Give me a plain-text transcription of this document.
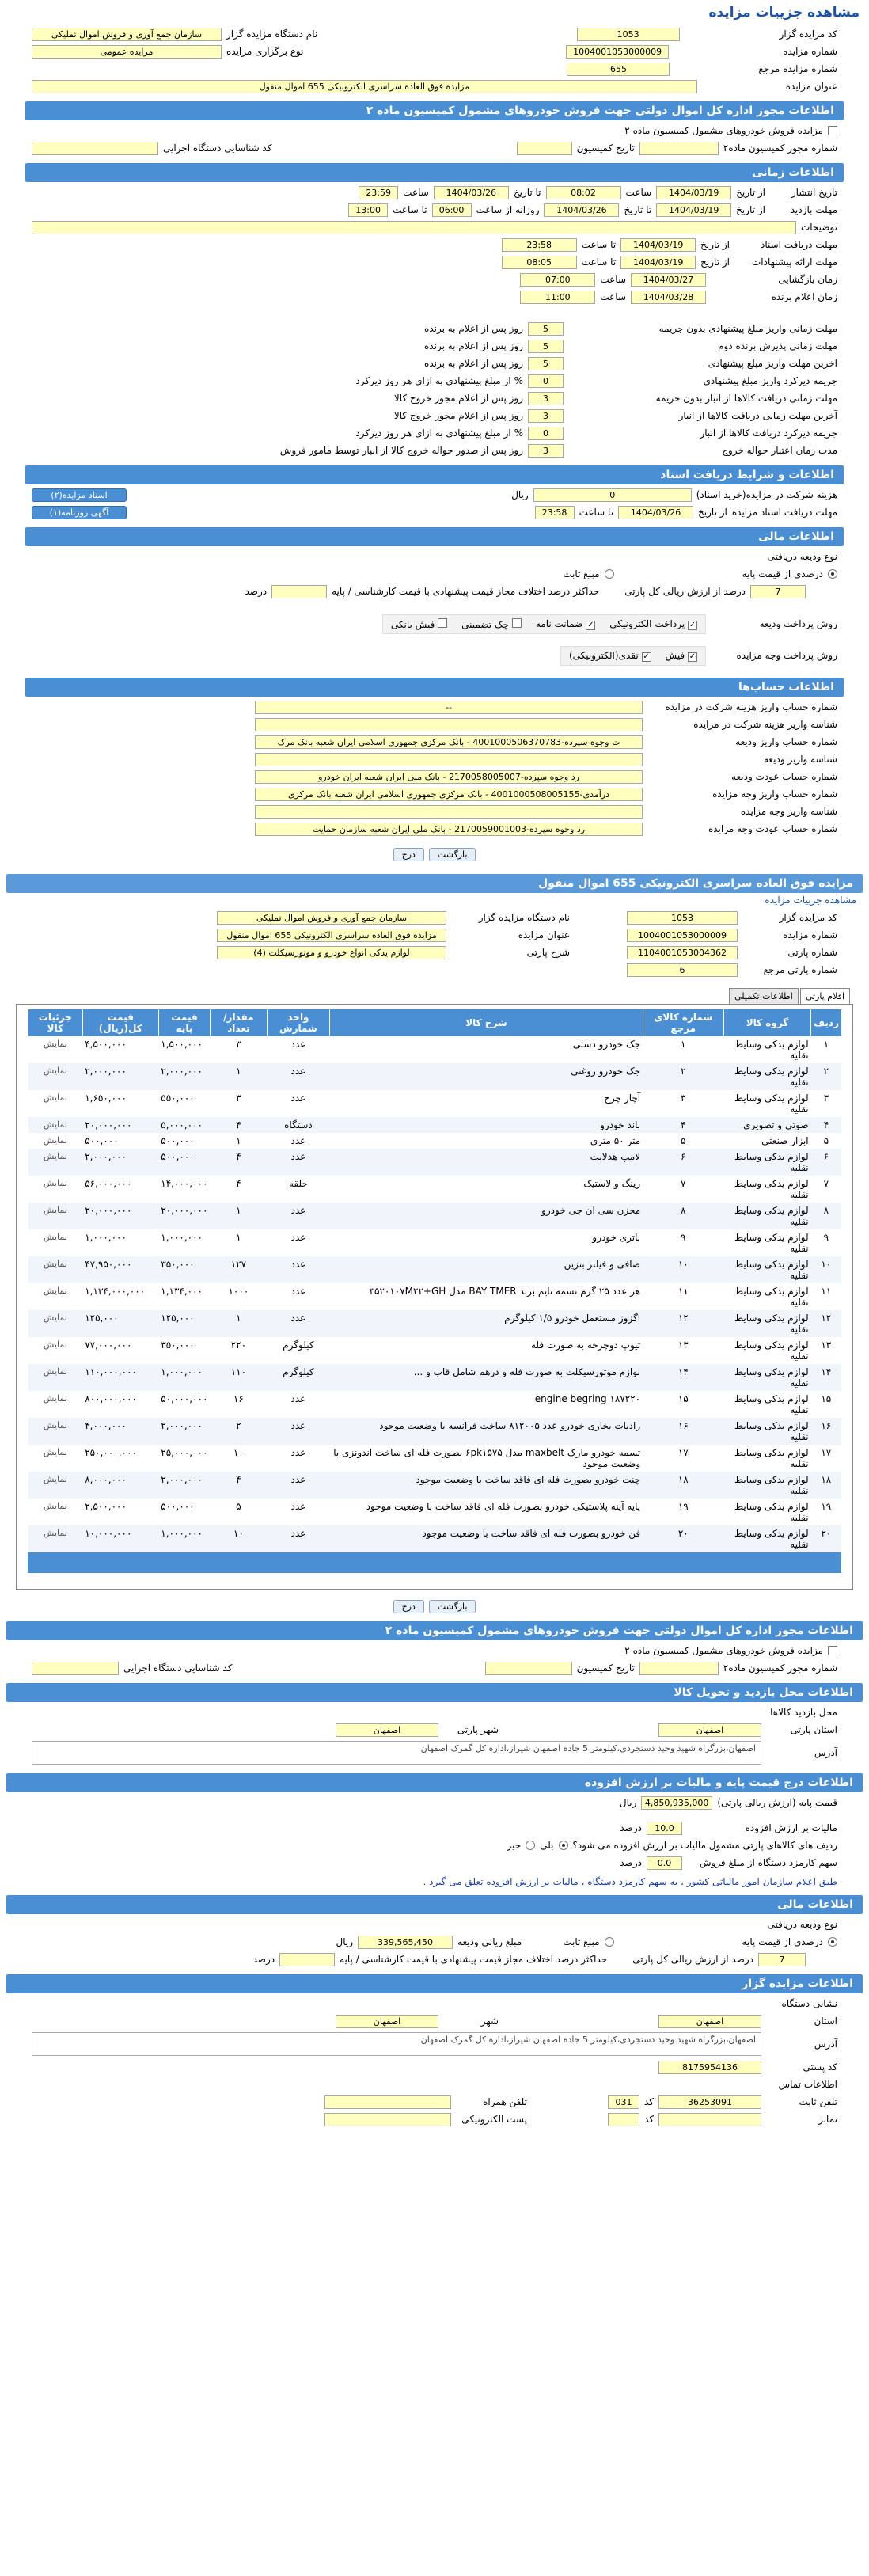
مشاهده جزییات مزایده
کد مزایده گزار
1053
نام دستگاه مزایده گزار
سازمان جمع آوری و فروش اموال تملیکی
شماره مزایده
1004001053000009
نوع برگزاری مزایده
مزایده عمومی
شماره مزایده مرجع
655
عنوان مزایده
مزایده فوق العاده سراسری الکترونیکی 655 اموال منقول
اطلاعات مجوز اداره کل اموال دولتی جهت فروش خودروهای مشمول کمیسیون ماده ۲
مزایده فروش خودروهای مشمول کمیسیون ماده ۲
شماره مجوز کمیسیون ماده۲
تاریخ کمیسیون
کد شناسایی دستگاه اجرایی
اطلاعات زمانی
تاریخ انتشار
از تاریخ
1404/03/19
ساعت
08:02
تا تاریخ
1404/03/26
ساعت
23:59
مهلت بازدید
از تاریخ
1404/03/19
تا تاریخ
1404/03/26
روزانه از ساعت
06:00
تا ساعت
13:00
توضیحات
مهلت دریافت اسناد
از تاریخ
1404/03/19
تا ساعت
23:58
مهلت ارائه پیشنهادات
از تاریخ
1404/03/19
تا ساعت
08:05
زمان بازگشایی
1404/03/27
ساعت
07:00
زمان اعلام برنده
1404/03/28
ساعت
11:00
مهلت زمانی واریز مبلغ پیشنهادی بدون جریمه
5
روز پس از اعلام به برنده
مهلت زمانی پذیرش برنده دوم
5
روز پس از اعلام به برنده
اخرین مهلت واریز مبلغ پیشنهادی
5
روز پس از اعلام به برنده
جریمه دیرکرد واریز مبلغ پیشنهادی
0
% از مبلغ پیشنهادی به ازای هر روز دیرکرد
مهلت زمانی دریافت کالاها از انبار بدون جریمه
3
روز پس از اعلام مجوز خروج کالا
آخرین مهلت زمانی دریافت کالاها از انبار
3
روز پس از اعلام مجوز خروج کالا
جریمه دیرکرد دریافت کالاها از انبار
0
% از مبلغ پیشنهادی به ازای هر روز دیرکرد
مدت زمان اعتبار حواله خروج
3
روز پس از صدور حواله خروج کالا از انبار توسط مامور فروش
اطلاعات و شرایط دریافت اسناد
هزینه شرکت در مزایده(خرید اسناد)
0
ریال
اسناد مزایده(۲)
مهلت دریافت اسناد مزایده
از تاریخ
1404/03/26
تا ساعت
23:58
آگهی روزنامه(۱)
اطلاعات مالی
نوع ودیعه دریافتی
درصدی از قیمت پایه
مبلغ ثابت
7
درصد از ارزش ریالی کل پارتی
حداکثر درصد اختلاف مجاز قیمت پیشنهادی با قیمت کارشناسی / پایه
درصد
روش پرداخت ودیعه
✓ پرداخت الکترونیکی
✓ ضمانت نامه
چک تضمینی
فیش بانکی
روش پرداخت وجه مزایده
✓ فیش
✓ نقدی(الکترونیکی)
اطلاعات حساب‌ها
شماره حساب واریز هزینه شرکت در مزایده
--
شناسه واریز هزینه شرکت در مزایده
شماره حساب واریز ودیعه
ت وجوه سپرده-4001000506370783 - بانک مرکزی جمهوری اسلامی ایران شعبه بانک مرک
شناسه واریز ودیعه
شماره حساب عودت ودیعه
رد وجوه سپرده-2170058005007 - بانک ملی ایران شعبه ایران خودرو
شماره حساب واریز وجه مزایده
درآمدی-4001000508005155 - بانک مرکزی جمهوری اسلامی ایران شعبه بانک مرکزی
شناسه واریز وجه مزایده
شماره حساب عودت وجه مزایده
رد وجوه سپرده-2170059001003 - بانک ملی ایران شعبه سازمان حمایت
بازگشت
درج
مزایده فوق العاده سراسری الکترونیکی 655 اموال منقول
مشاهده جزییات مزایده
کد مزایده گزار
1053
نام دستگاه مزایده گزار
سازمان جمع آوری و فروش اموال تملیکی
شماره مزایده
1004001053000009
عنوان مزایده
مزایده فوق العاده سراسری الکترونیکی 655 اموال منقول
شماره پارتی
1104001053004362
شرح پارتی
لوازم یدکی انواع خودرو و موتورسیکلت (4)
شماره پارتی مرجع
6
اقلام پارتی
اطلاعات تکمیلی
ردیف	گروه کالا	شماره کالای مرجع	شرح کالا	واحد شمارش	مقدار/ تعداد	قیمت پایه	قیمت کل(ریال)	جزئیات کالا
۱	لوازم یدکی وسایط نقلیه	۱	جک خودرو دستی	عدد	۳	۱,۵۰۰,۰۰۰	۴,۵۰۰,۰۰۰	نمایش
۲	لوازم یدکی وسایط نقلیه	۲	جک خودرو روغنی	عدد	۱	۲,۰۰۰,۰۰۰	۲,۰۰۰,۰۰۰	نمایش
۳	لوازم یدکی وسایط نقلیه	۳	آچار چرخ	عدد	۳	۵۵۰,۰۰۰	۱,۶۵۰,۰۰۰	نمایش
۴	صوتی و تصویری	۴	باند خودرو	دستگاه	۴	۵,۰۰۰,۰۰۰	۲۰,۰۰۰,۰۰۰	نمایش
۵	ابزار صنعتی	۵	متر ۵۰ متری	عدد	۱	۵۰۰,۰۰۰	۵۰۰,۰۰۰	نمایش
۶	لوازم یدکی وسایط نقلیه	۶	لامپ هدلایت	عدد	۴	۵۰۰,۰۰۰	۲,۰۰۰,۰۰۰	نمایش
۷	لوازم یدکی وسایط نقلیه	۷	رینگ و لاستیک	حلقه	۴	۱۴,۰۰۰,۰۰۰	۵۶,۰۰۰,۰۰۰	نمایش
۸	لوازم یدکی وسایط نقلیه	۸	مخزن سی ان جی خودرو	عدد	۱	۲۰,۰۰۰,۰۰۰	۲۰,۰۰۰,۰۰۰	نمایش
۹	لوازم یدکی وسایط نقلیه	۹	باتری خودرو	عدد	۱	۱,۰۰۰,۰۰۰	۱,۰۰۰,۰۰۰	نمایش
۱۰	لوازم یدکی وسایط نقلیه	۱۰	صافی و فیلتر بنزین	عدد	۱۲۷	۳۵۰,۰۰۰	۴۷,۹۵۰,۰۰۰	نمایش
۱۱	لوازم یدکی وسایط نقلیه	۱۱	هر عدد ۲۵ گرم تسمه تایم برند BAY TMER مدل ۳۵۲۰۱۰۷M۲۲+GH	عدد	۱۰۰۰	۱,۱۳۴,۰۰۰	۱,۱۳۴,۰۰۰,۰۰۰	نمایش
۱۲	لوازم یدکی وسایط نقلیه	۱۲	اگزوز مستعمل خودرو ۱/۵ کیلوگرم	عدد	۱	۱۲۵,۰۰۰	۱۲۵,۰۰۰	نمایش
۱۳	لوازم یدکی وسایط نقلیه	۱۳	تیوپ دوچرخه به صورت فله	کیلوگرم	۲۲۰	۳۵۰,۰۰۰	۷۷,۰۰۰,۰۰۰	نمایش
۱۴	لوازم یدکی وسایط نقلیه	۱۴	لوازم موتورسیکلت به صورت فله و درهم شامل قاب و ...	کیلوگرم	۱۱۰	۱,۰۰۰,۰۰۰	۱۱۰,۰۰۰,۰۰۰	نمایش
۱۵	لوازم یدکی وسایط نقلیه	۱۵	engine begring ۱۸۷۲۲۰	عدد	۱۶	۵۰,۰۰۰,۰۰۰	۸۰۰,۰۰۰,۰۰۰	نمایش
۱۶	لوازم یدکی وسایط نقلیه	۱۶	رادیات بخاری خودرو عدد ۸۱۲۰۰۵ ساخت فرانسه با وضعیت موجود	عدد	۲	۲,۰۰۰,۰۰۰	۴,۰۰۰,۰۰۰	نمایش
۱۷	لوازم یدکی وسایط نقلیه	۱۷	تسمه خودرو مارک maxbelt مدل ۶pk۱۵۷۵ بصورت فله ای ساخت اندونزی با وضعیت موجود	عدد	۱۰	۲۵,۰۰۰,۰۰۰	۲۵۰,۰۰۰,۰۰۰	نمایش
۱۸	لوازم یدکی وسایط نقلیه	۱۸	چنت خودرو بصورت فله ای فاقد ساخت با وضعیت موجود	عدد	۴	۲,۰۰۰,۰۰۰	۸,۰۰۰,۰۰۰	نمایش
۱۹	لوازم یدکی وسایط نقلیه	۱۹	پایه آینه پلاستیکی خودرو بصورت فله ای فاقد ساخت با وضعیت موجود	عدد	۵	۵۰۰,۰۰۰	۲,۵۰۰,۰۰۰	نمایش
۲۰	لوازم یدکی وسایط نقلیه	۲۰	فن خودرو بصورت فله ای فاقد ساخت با وضعیت موجود	عدد	۱۰	۱,۰۰۰,۰۰۰	۱۰,۰۰۰,۰۰۰	نمایش
بازگشت
درج
اطلاعات مجوز اداره کل اموال دولتی جهت فروش خودروهای مشمول کمیسیون ماده ۲
مزایده فروش خودروهای مشمول کمیسیون ماده ۲
شماره مجوز کمیسیون ماده۲
تاریخ کمیسیون
کد شناسایی دستگاه اجرایی
اطلاعات محل بازدید و تحویل کالا
محل بازدید کالاها
استان پارتی
اصفهان
شهر پارتی
اصفهان
آدرس
اصفهان،بزرگراه شهید وحید دستجردی،کیلومتر 5 جاده اصفهان شیراز،اداره کل گمرک اصفهان
اطلاعات درج قیمت پایه و مالیات بر ارزش افزوده
قیمت پایه (ارزش ریالی پارتی)
4,850,935,000
ریال
مالیات بر ارزش افزوده
10.0
درصد
ردیف های کالاهای پارتی مشمول مالیات بر ارزش افزوده می شود؟
بلی
خیر
سهم کارمزد دستگاه از مبلغ فروش
0.0
درصد
طبق اعلام سازمان امور مالیاتی کشور ، به سهم کارمزد دستگاه ، مالیات بر ارزش افزوده تعلق می گیرد .
اطلاعات مالی
نوع ودیعه دریافتی
درصدی از قیمت پایه
مبلغ ثابت
مبلغ ریالی ودیعه
339,565,450
ریال
7
درصد از ارزش ریالی کل پارتی
حداکثر درصد اختلاف مجاز قیمت پیشنهادی با قیمت کارشناسی / پایه
درصد
اطلاعات مزایده گزار
نشانی دستگاه
استان
اصفهان
شهر
اصفهان
آدرس
اصفهان،بزرگراه شهید وحید دستجردی،کیلومتر 5 جاده اصفهان شیراز،اداره کل گمرک اصفهان
کد پستی
8175954136
اطلاعات تماس
تلفن ثابت
36253091
کد
031
تلفن همراه
نمابر
کد
پست الکترونیکی
